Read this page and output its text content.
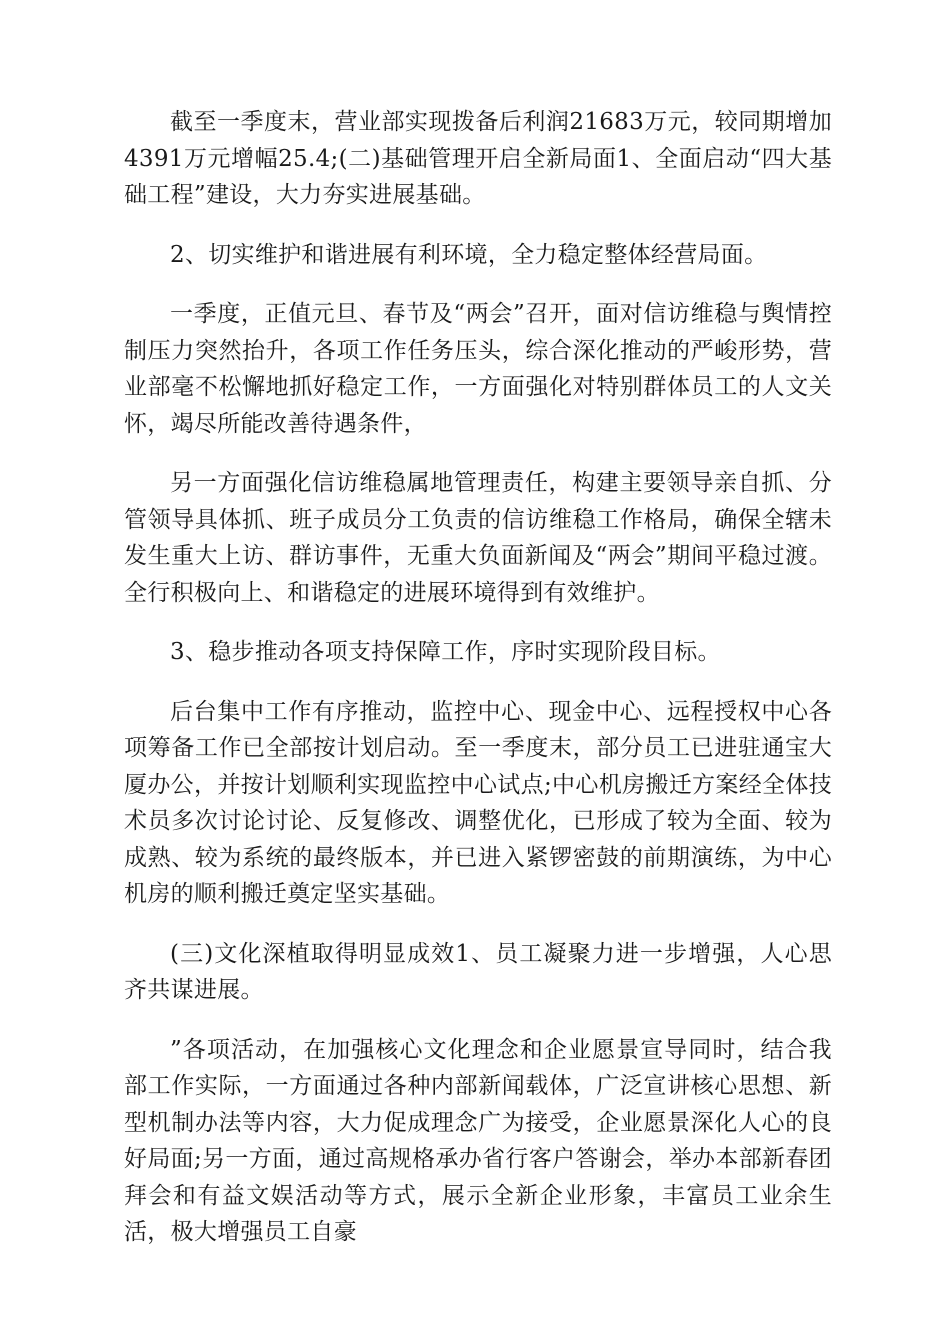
截至一季度末，营业部实现拨备后利润21683万元，较同期增加4391万元增幅25.4;(二)基础管理开启全新局面1、全面启动“四大基础工程”建设，大力夯实进展基础。

2、切实维护和谐进展有利环境，全力稳定整体经营局面。

一季度，正值元旦、春节及“两会”召开，面对信访维稳与舆情控制压力突然抬升，各项工作任务压头，综合深化推动的严峻形势，营业部毫不松懈地抓好稳定工作，一方面强化对特别群体员工的人文关怀，竭尽所能改善待遇条件，

另一方面强化信访维稳属地管理责任，构建主要领导亲自抓、分管领导具体抓、班子成员分工负责的信访维稳工作格局，确保全辖未发生重大上访、群访事件，无重大负面新闻及“两会”期间平稳过渡。全行积极向上、和谐稳定的进展环境得到有效维护。

3、稳步推动各项支持保障工作，序时实现阶段目标。

后台集中工作有序推动，监控中心、现金中心、远程授权中心各项筹备工作已全部按计划启动。至一季度末，部分员工已进驻通宝大厦办公，并按计划顺利实现监控中心试点;中心机房搬迁方案经全体技术员多次讨论讨论、反复修改、调整优化，已形成了较为全面、较为成熟、较为系统的最终版本，并已进入紧锣密鼓的前期演练，为中心机房的顺利搬迁奠定坚实基础。

(三)文化深植取得明显成效1、员工凝聚力进一步增强，人心思齐共谋进展。

”各项活动，在加强核心文化理念和企业愿景宣导同时，结合我部工作实际，一方面通过各种内部新闻载体，广泛宣讲核心思想、新型机制办法等内容，大力促成理念广为接受，企业愿景深化人心的良好局面;另一方面，通过高规格承办省行客户答谢会，举办本部新春团拜会和有益文娱活动等方式，展示全新企业形象，丰富员工业余生活，极大增强员工自豪
